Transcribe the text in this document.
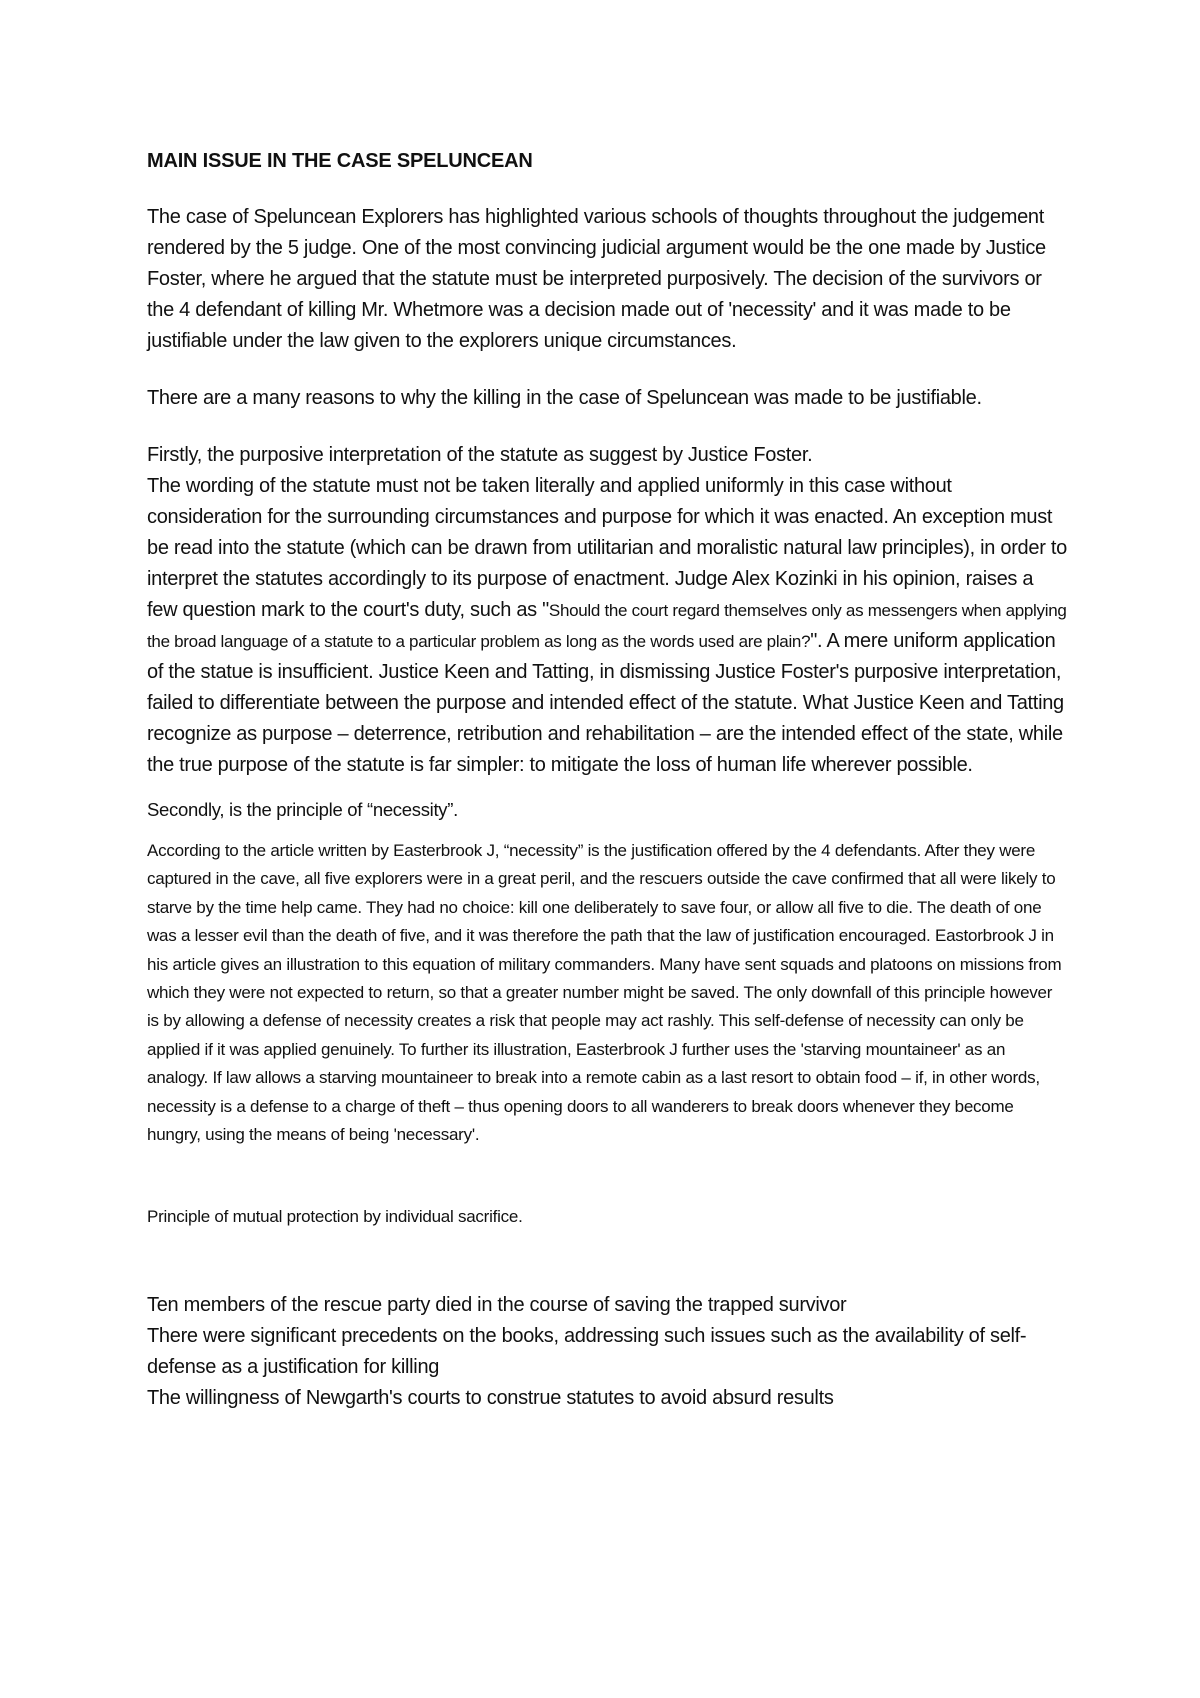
MAIN ISSUE IN THE CASE SPELUNCEAN

The case of Speluncean Explorers has highlighted various schools of thoughts throughout the judgement rendered by the 5 judge. One of the most convincing judicial argument would be the one made by Justice Foster, where he argued that the statute must be interpreted purposively. The decision of the survivors or the 4 defendant of killing Mr. Whetmore was a decision made out of 'necessity' and it was made to be justifiable under the law given to the explorers unique circumstances.

There are a many reasons to why the killing in the case of Speluncean was made to be justifiable.

Firstly, the purposive interpretation of the statute as suggest by Justice Foster.

The wording of the statute must not be taken literally and applied uniformly in this case without consideration for the surrounding circumstances and purpose for which it was enacted. An exception must be read into the statute (which can be drawn from utilitarian and moralistic natural law principles), in order to interpret the statutes accordingly to its purpose of enactment. Judge Alex Kozinki in his opinion, raises a few question mark to the court's duty, such as "Should the court regard themselves only as messengers when applying the broad language of a statute to a particular problem as long as the words used are plain?". A mere uniform application of the statue is insufficient. Justice Keen and Tatting, in dismissing Justice Foster's purposive interpretation, failed to differentiate between the purpose and intended effect of the statute. What Justice Keen and Tatting recognize as purpose – deterrence, retribution and rehabilitation – are the intended effect of the state, while the true purpose of the statute is far simpler: to mitigate the loss of human life wherever possible.

Secondly, is the principle of “necessity”.

According to the article written by Easterbrook J, “necessity” is the justification offered by the 4 defendants. After they were captured in the cave, all five explorers were in a great peril, and the rescuers outside the cave confirmed that all were likely to starve by the time help came. They had no choice: kill one deliberately to save four, or allow all five to die. The death of one was a lesser evil than the death of five, and it was therefore the path that the law of justification encouraged. Eastorbrook J in his article gives an illustration to this equation of military commanders. Many have sent squads and platoons on missions from which they were not expected to return, so that a greater number might be saved. The only downfall of this principle however is by allowing a defense of necessity creates a risk that people may act rashly. This self-defense of necessity can only be applied if it was applied genuinely. To further its illustration, Easterbrook J further uses the 'starving mountaineer' as an analogy. If law allows a starving mountaineer to break into a remote cabin as a last resort to obtain food – if, in other words, necessity is a defense to a charge of theft – thus opening doors to all wanderers to break doors whenever they become hungry, using the means of being 'necessary'.

Principle of mutual protection by individual sacrifice.

Ten members of the rescue party died in the course of saving the trapped survivor

There were significant precedents on the books, addressing such issues such as the availability of self-defense as a justification for killing

The willingness of Newgarth's courts to construe statutes to avoid absurd results
